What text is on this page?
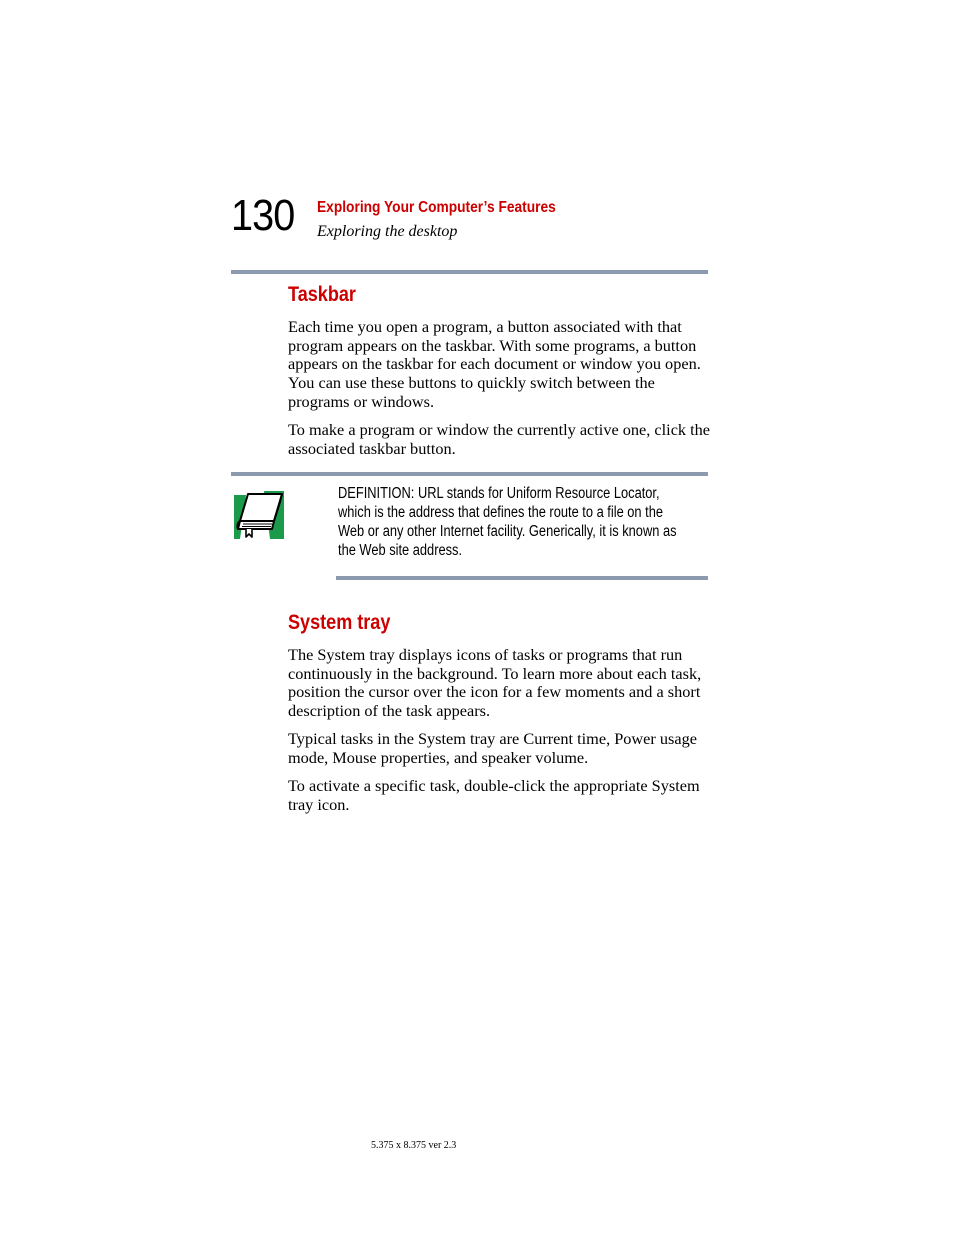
130 Exploring Your Computer’s Features
Exploring the desktop
Taskbar

Each time you open a program, a button associated with that program appears on the taskbar. With some programs, a button appears on the taskbar for each document or window you open. You can use these buttons to quickly switch between the programs or windows.

To make a program or window the currently active one, click the associated taskbar button.

DEFINITION: URL stands for Uniform Resource Locator, which is the address that defines the route to a file on the Web or any other Internet facility. Generically, it is known as the Web site address.

System tray

The System tray displays icons of tasks or programs that run continuously in the background. To learn more about each task, position the cursor over the icon for a few moments and a short description of the task appears.

Typical tasks in the System tray are Current time, Power usage mode, Mouse properties, and speaker volume.

To activate a specific task, double-click the appropriate System tray icon.

5.375 x 8.375 ver 2.3
